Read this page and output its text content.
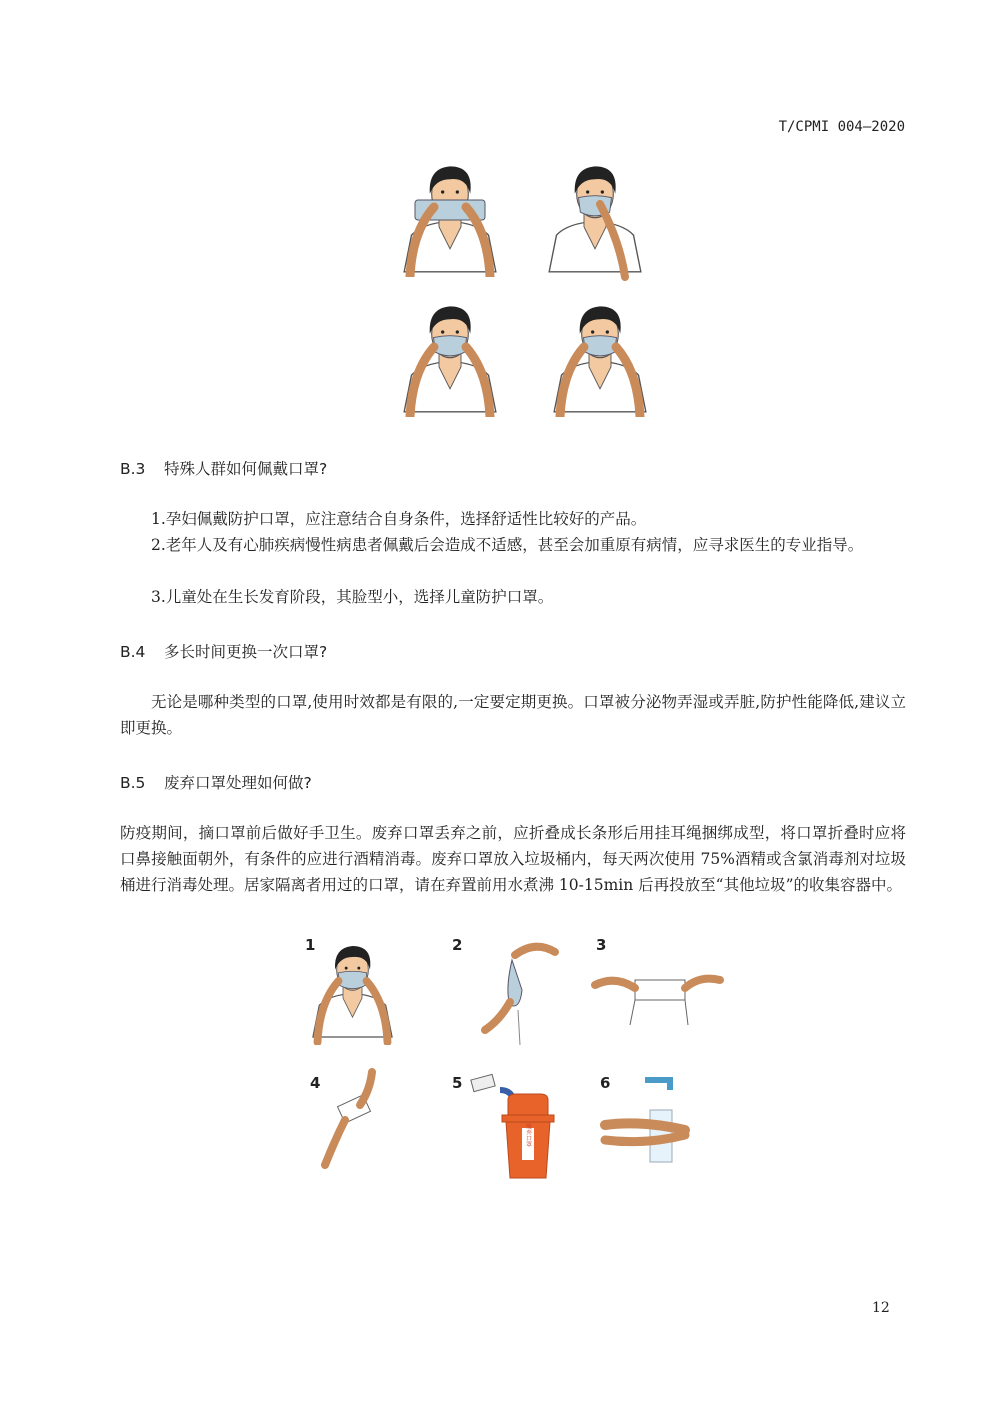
T/CPMI 004—2020
B.3 特殊人群如何佩戴口罩?
1.孕妇佩戴防护口罩，应注意结合自身条件，选择舒适性比较好的产品。
2.老年人及有心肺疾病慢性病患者佩戴后会造成不适感，甚至会加重原有病情，应寻求医生的专业指导。
3.儿童处在生长发育阶段，其脸型小，选择儿童防护口罩。
B.4 多长时间更换一次口罩?
无论是哪种类型的口罩,使用时效都是有限的,一定要定期更换。口罩被分泌物弄湿或弄脏,防护性能降低,建议立即更换。
B.5 废弃口罩处理如何做?
防疫期间，摘口罩前后做好手卫生。废弃口罩丢弃之前，应折叠成长条形后用挂耳绳捆绑成型，将口罩折叠时应将口鼻接触面朝外，有条件的应进行酒精消毒。废弃口罩放入垃圾桶内，每天两次使用 75%酒精或含氯消毒剂对垃圾桶进行消毒处理。居家隔离者用过的口罩，请在弃置前用水煮沸 10-15min 后再投放至“其他垃圾”的收集容器中。
1	2	3
4	5	6
废弃口罩
12
